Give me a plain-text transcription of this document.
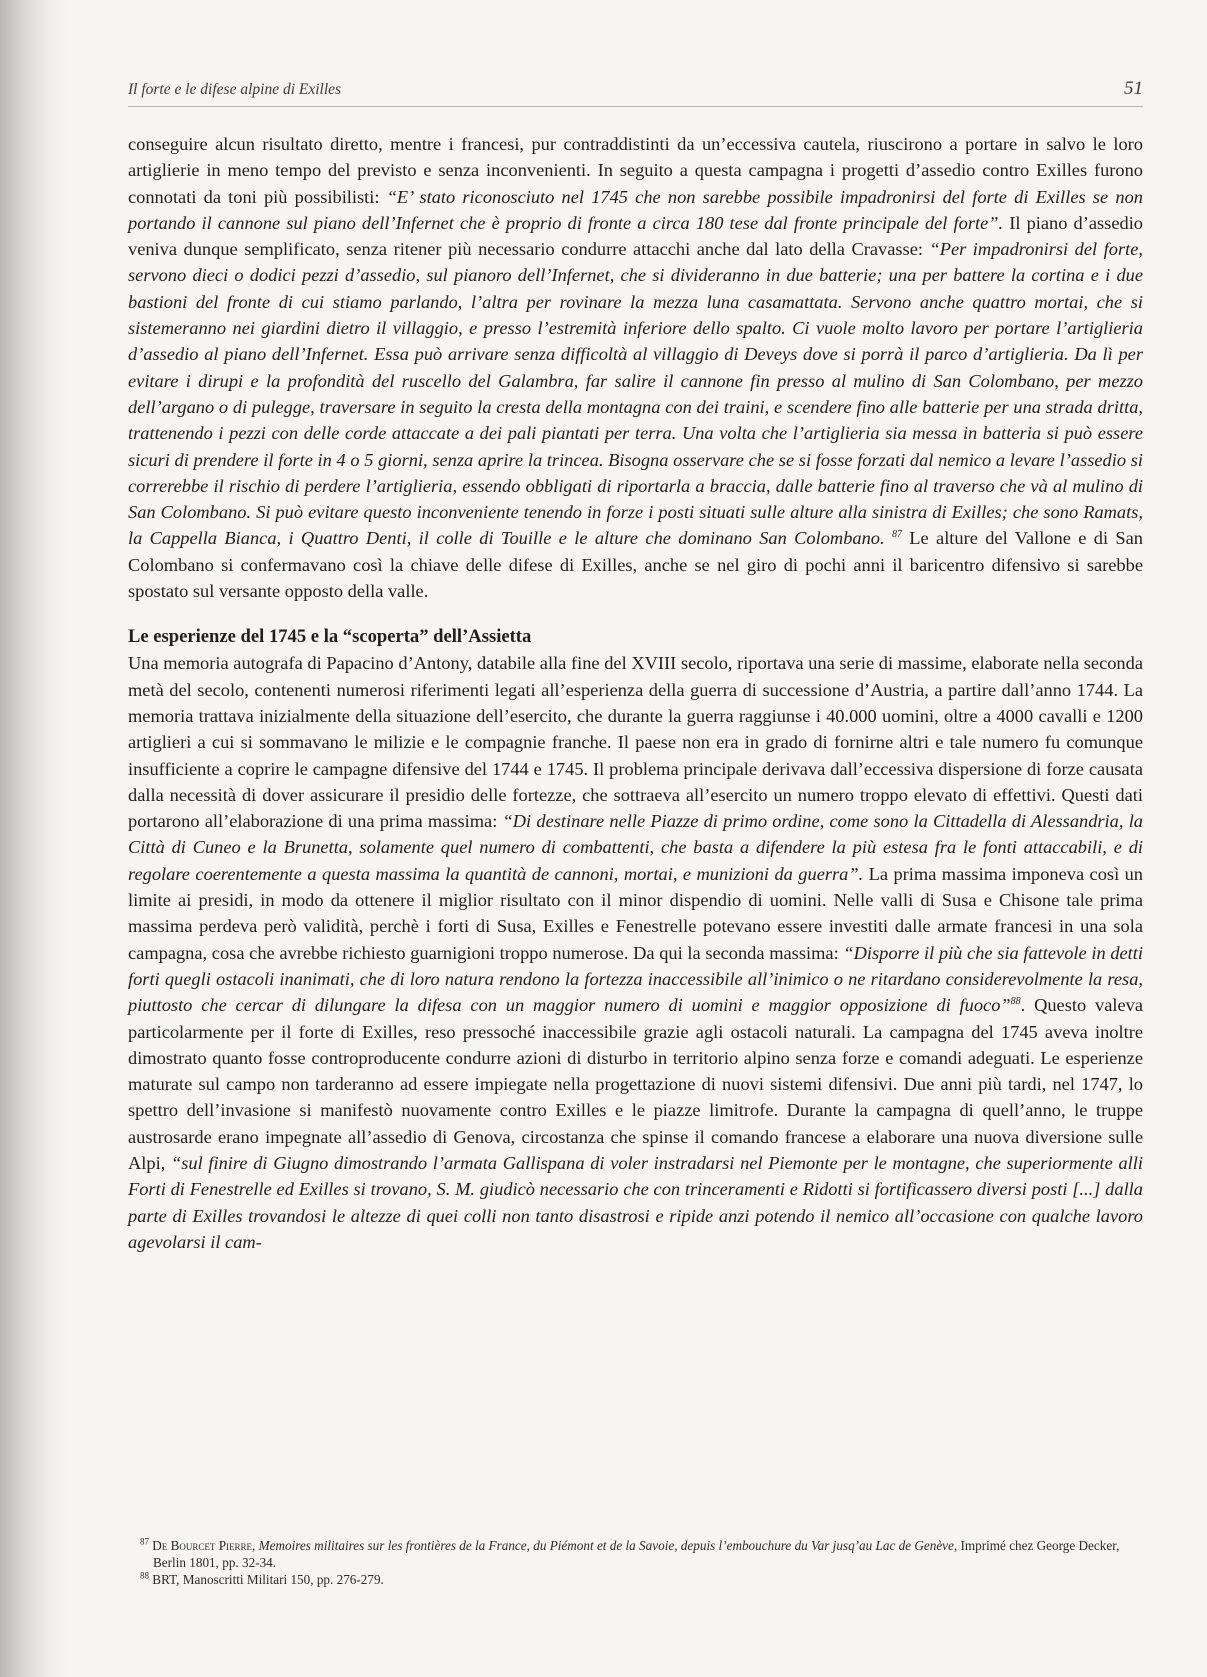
Il forte e le difese alpine di Exilles	51

conseguire alcun risultato diretto, mentre i francesi, pur contraddistinti da un’eccessiva cautela, riuscirono a portare in salvo le loro artiglierie in meno tempo del previsto e senza inconvenienti. In seguito a questa campagna i progetti d’assedio contro Exilles furono connotati da toni più possibilisti: “E’ stato riconosciuto nel 1745 che non sarebbe possibile impadronirsi del forte di Exilles se non portando il cannone sul piano dell’Infernet che è proprio di fronte a circa 180 tese dal fronte principale del forte”. Il piano d’assedio veniva dunque semplificato, senza ritener più necessario condurre attacchi anche dal lato della Cravasse: “Per impadronirsi del forte, servono dieci o dodici pezzi d’assedio, sul pianoro dell’Infernet, che si divideranno in due batterie; una per battere la cortina e i due bastioni del fronte di cui stiamo parlando, l’altra per rovinare la mezza luna casamattata. Servono anche quattro mortai, che si sistemeranno nei giardini dietro il villaggio, e presso l’estremità inferiore dello spalto. Ci vuole molto lavoro per portare l’artiglieria d’assedio al piano dell’Infernet. Essa può arrivare senza difficoltà al villaggio di Deveys dove si porrà il parco d’artiglieria. Da lì per evitare i dirupi e la profondità del ruscello del Galambra, far salire il cannone fin presso al mulino di San Colombano, per mezzo dell’argano o di pulegge, traversare in seguito la cresta della montagna con dei traini, e scendere fino alle batterie per una strada dritta, trattenendo i pezzi con delle corde attaccate a dei pali piantati per terra. Una volta che l’artiglieria sia messa in batteria si può essere sicuri di prendere il forte in 4 o 5 giorni, senza aprire la trincea. Bisogna osservare che se si fosse forzati dal nemico a levare l’assedio si correrebbe il rischio di perdere l’artiglieria, essendo obbligati di riportarla a braccia, dalle batterie fino al traverso che và al mulino di San Colombano. Si può evitare questo inconveniente tenendo in forze i posti situati sulle alture alla sinistra di Exilles; che sono Ramats, la Cappella Bianca, i Quattro Denti, il colle di Touille e le alture che dominano San Colombano. $^{87}$ Le alture del Vallone e di San Colombano si confermavano così la chiave delle difese di Exilles, anche se nel giro di pochi anni il baricentro difensivo si sarebbe spostato sul versante opposto della valle.

Le esperienze del 1745 e la “scoperta” dell’Assietta

Una memoria autografa di Papacino d’Antony, databile alla fine del XVIII secolo, riportava una serie di massime, elaborate nella seconda metà del secolo, contenenti numerosi riferimenti legati all’esperienza della guerra di successione d’Austria, a partire dall’anno 1744. La memoria trattava inizialmente della situazione dell’esercito, che durante la guerra raggiunse i 40.000 uomini, oltre a 4000 cavalli e 1200 artiglieri a cui si sommavano le milizie e le compagnie franche. Il paese non era in grado di fornirne altri e tale numero fu comunque insufficiente a coprire le campagne difensive del 1744 e 1745. Il problema principale derivava dall’eccessiva dispersione di forze causata dalla necessità di dover assicurare il presidio delle fortezze, che sottraeva all’esercito un numero troppo elevato di effettivi. Questi dati portarono all’elaborazione di una prima massima: “Di destinare nelle Piazze di primo ordine, come sono la Cittadella di Alessandria, la Città di Cuneo e la Brunetta, solamente quel numero di combattenti, che basta a difendere la più estesa fra le fonti attaccabili, e di regolare coerentemente a questa massima la quantità de cannoni, mortai, e munizioni da guerra”. La prima massima imponeva così un limite ai presidi, in modo da ottenere il miglior risultato con il minor dispendio di uomini. Nelle valli di Susa e Chisone tale prima massima perdeva però validità, perchè i forti di Susa, Exilles e Fenestrelle potevano essere investiti dalle armate francesi in una sola campagna, cosa che avrebbe richiesto guarnigioni troppo numerose. Da qui la seconda massima: “Disporre il più che sia fattevole in detti forti quegli ostacoli inanimati, che di loro natura rendono la fortezza inaccessibile all’inimico o ne ritardano considerevolmente la resa, piuttosto che cercar di dilungare la difesa con un maggior numero di uomini e maggior opposizione di fuoco”$^{88}$. Questo valeva particolarmente per il forte di Exilles, reso pressoché inaccessibile grazie agli ostacoli naturali. La campagna del 1745 aveva inoltre dimostrato quanto fosse controproducente condurre azioni di disturbo in territorio alpino senza forze e comandi adeguati. Le esperienze maturate sul campo non tarderanno ad essere impiegate nella progettazione di nuovi sistemi difensivi. Due anni più tardi, nel 1747, lo spettro dell’invasione si manifestò nuovamente contro Exilles e le piazze limitrofe. Durante la campagna di quell’anno, le truppe austrosarde erano impegnate all’assedio di Genova, circostanza che spinse il comando francese a elaborare una nuova diversione sulle Alpi, “sul finire di Giugno dimostrando l’armata Gallispana di voler instradarsi nel Piemonte per le montagne, che superiormente alli Forti di Fenestrelle ed Exilles si trovano, S. M. giudicò necessario che con trinceramenti e Ridotti si fortificassero diversi posti [...] dalla parte di Exilles trovandosi le altezze di quei colli non tanto disastrosi e ripide anzi potendo il nemico all’occasione con qualche lavoro agevolarsi il cam-

$^{87}$ De Bourcet Pierre, Memoires militaires sur les frontières de la France, du Piémont et de la Savoie, depuis l’embouchure du Var jusq’au Lac de Genève, Imprimé chez George Decker, Berlin 1801, pp. 32-34.

$^{88}$ BRT, Manoscritti Militari 150, pp. 276-279.
